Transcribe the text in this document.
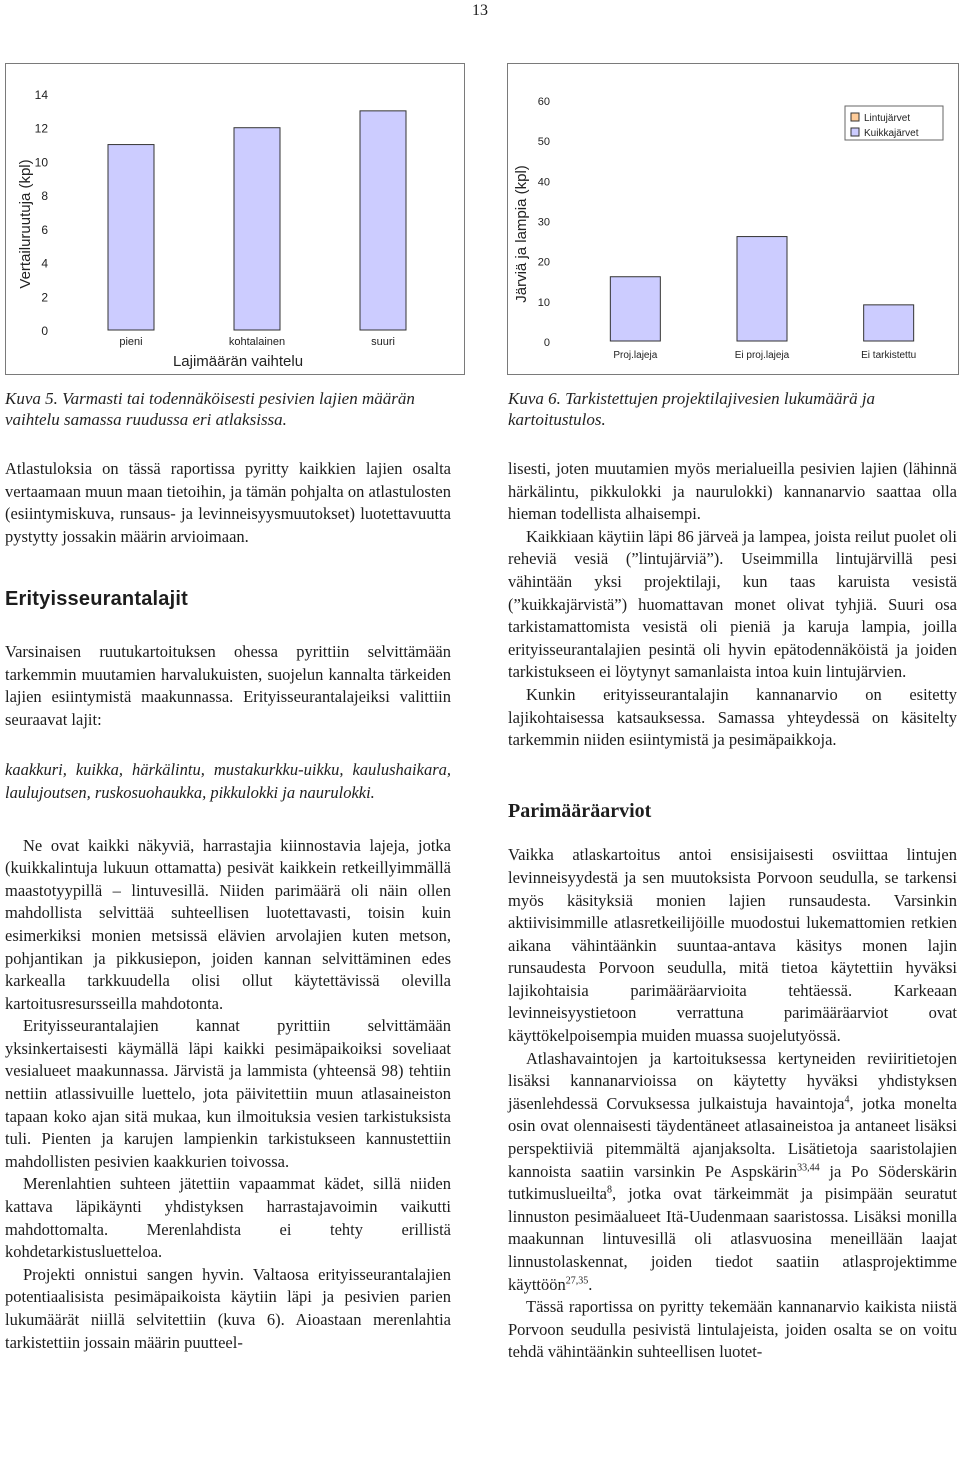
13
Vertailuruutuja (kpl)
Lajimäärän vaihtelu
0
2
4
6
8
10
12
14
pieni	kohtalainen	suuri
Järviä ja lampia (kpl)
0
10
20
30
40
50
60
Proj.lajeja	Ei proj.lajeja	Ei tarkistettu
Lintujärvet
Kuikkajärvet
Kuva 5. Varmasti tai todennäköisesti pesivien lajien määrän vaihtelu samassa ruudussa eri atlaksissa.
Kuva 6. Tarkistettujen projektilajivesien lukumäärä ja kartoitustulos.

Atlastuloksia on tässä raportissa pyritty kaikkien lajien osalta vertaamaan muun maan tietoihin, ja tämän pohjalta on atlastulosten (esiintymiskuva, runsaus- ja levinneisyysmuutokset) luotettavuutta pystytty jossakin määrin arvioimaan.

Erityisseurantalajit

Varsinaisen ruutukartoituksen ohessa pyrittiin selvittämään tarkemmin muutamien harvalukuisten, suojelun kannalta tärkeiden lajien esiintymistä maakunnassa. Erityisseurantalajeiksi valittiin seuraavat lajit:

kaakkuri, kuikka, härkälintu, mustakurkku-uikku, kaulushaikara, laulujoutsen, ruskosuohaukka, pikkulokki ja naurulokki.

Ne ovat kaikki näkyviä, harrastajia kiinnostavia lajeja, jotka (kuikkalintuja lukuun ottamatta) pesivät kaikkein retkeillyimmällä maastotyypillä – lintuvesillä. Niiden parimäärä oli näin ollen mahdollista selvittää suhteellisen luotettavasti, toisin kuin esimerkiksi monien metsissä elävien arvolajien kuten metson, pohjantikan ja pikkusiepon, joiden kannan selvittäminen edes karkealla tarkkuudella olisi ollut käytettävissä olevilla kartoitusresursseilla mahdotonta.

Erityisseurantalajien kannat pyrittiin selvittämään yksinkertaisesti käymällä läpi kaikki pesimäpaikoiksi soveliaat vesialueet maakunnassa. Järvistä ja lammista (yhteensä 98) tehtiin nettiin atlassivuille luettelo, jota päivitettiin muun atlasaineiston tapaan koko ajan sitä mukaa, kun ilmoituksia vesien tarkistuksista tuli. Pienten ja karujen lampienkin tarkistukseen kannustettiin mahdollisten pesivien kaakkurien toivossa.

Merenlahtien suhteen jätettiin vapaammat kädet, sillä niiden kattava läpikäynti yhdistyksen harrastajavoimin vaikutti mahdottomalta. Merenlahdista ei tehty erillistä kohdetarkistusluetteloa.

Projekti onnistui sangen hyvin. Valtaosa erityisseurantalajien potentiaalisista pesimäpaikoista käytiin läpi ja pesivien parien lukumäärät niillä selvitettiin (kuva 6). Aioastaan merenlahtia tarkistettiin jossain määrin puutteel-

lisesti, joten muutamien myös merialueilla pesivien lajien (lähinnä härkälintu, pikkulokki ja naurulokki) kannanarvio saattaa olla hieman todellista alhaisempi.

Kaikkiaan käytiin läpi 86 järveä ja lampea, joista reilut puolet oli reheviä vesiä (”lintujärviä”). Useimmilla lintujärvillä pesi vähintään yksi projektilaji, kun taas karuista vesistä (”kuikkajärvistä”) huomattavan monet olivat tyhjiä. Suuri osa tarkistamattomista vesistä oli pieniä ja karuja lampia, joilla erityisseurantalajien pesintä oli hyvin epätodennäköistä ja joiden tarkistukseen ei löytynyt samanlaista intoa kuin lintujärvien.

Kunkin erityisseurantalajin kannanarvio on esitetty lajikohtaisessa katsauksessa. Samassa yhteydessä on käsitelty tarkemmin niiden esiintymistä ja pesimäpaikkoja.

Parimääräarviot

Vaikka atlaskartoitus antoi ensisijaisesti osviittaa lintujen levinneisyydestä ja sen muutoksista Porvoon seudulla, se tarkensi myös käsityksiä monien lajien runsaudesta. Varsinkin aktiivisimmille atlasretkeilijöille muodostui lukemattomien retkien aikana vähintäänkin suuntaa-antava käsitys monen lajin runsaudesta Porvoon seudulla, mitä tietoa käytettiin hyväksi lajikohtaisia parimääräarvioita tehtäessä. Karkeaan levinneisyystietoon verrattuna parimääräarviot ovat käyttökelpoisempia muiden muassa suojelutyössä.

Atlashavaintojen ja kartoituksessa kertyneiden reviiritietojen lisäksi kannanarvioissa on käytetty hyväksi yhdistyksen jäsenlehdessä Corvuksessa julkaistuja havaintoja$^4$, jotka monelta osin ovat olennaisesti täydentäneet atlasaineistoa ja antaneet lisäksi perspektiiviä pitemmältä ajanjaksolta. Lisätietoja saaristolajien kannoista saatiin varsinkin Pe Aspskärin$^{33,44}$ ja Po Söderskärin tutkimuslueilta$^8$, jotka ovat tärkeimmät ja pisimpään seuratut linnuston pesimäalueet Itä-Uudenmaan saaristossa. Lisäksi monilla maakunnan lintuvesillä oli atlasvuosina meneillään laajat linnustolaskennat, joiden tiedot saatiin atlasprojektimme käyttöön$^{27,35}$.

Tässä raportissa on pyritty tekemään kannanarvio kaikista niistä Porvoon seudulla pesivistä lintulajeista, joiden osalta se on voitu tehdä vähintäänkin suhteellisen luotet-
